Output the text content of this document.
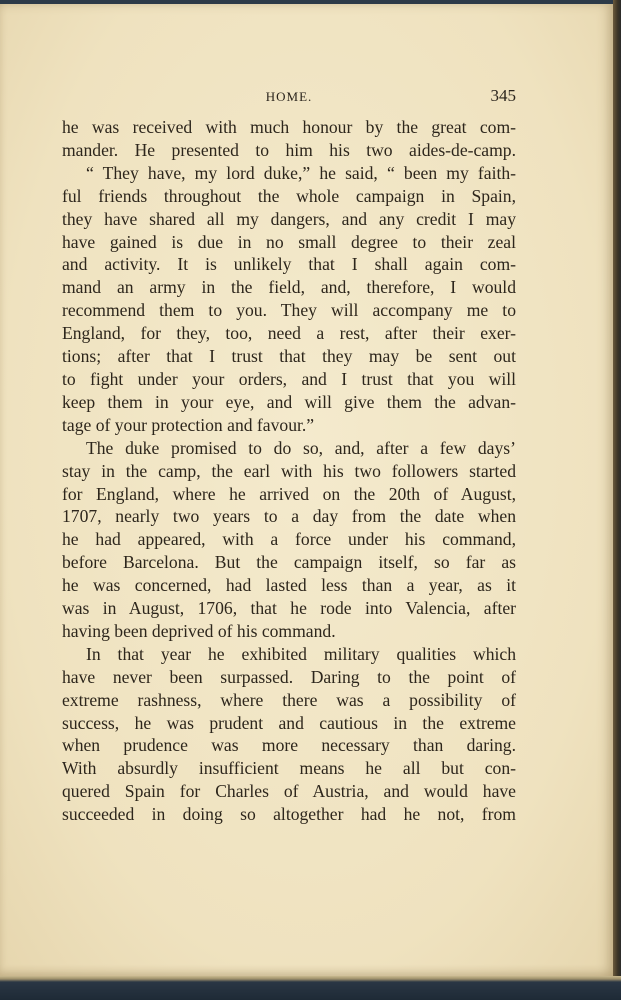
HOME.	345
he was received with much honour by the great com-
mander. He presented to him his two aides-de-camp.
“ They have, my lord duke,” he said, “ been my faith-
ful friends throughout the whole campaign in Spain,
they have shared all my dangers, and any credit I may
have gained is due in no small degree to their zeal
and activity. It is unlikely that I shall again com-
mand an army in the field, and, therefore, I would
recommend them to you. They will accompany me to
England, for they, too, need a rest, after their exer-
tions; after that I trust that they may be sent out
to fight under your orders, and I trust that you will
keep them in your eye, and will give them the advan-
tage of your protection and favour.”
The duke promised to do so, and, after a few days’
stay in the camp, the earl with his two followers started
for England, where he arrived on the 20th of August,
1707, nearly two years to a day from the date when
he had appeared, with a force under his command,
before Barcelona. But the campaign itself, so far as
he was concerned, had lasted less than a year, as it
was in August, 1706, that he rode into Valencia, after
having been deprived of his command.
In that year he exhibited military qualities which
have never been surpassed. Daring to the point of
extreme rashness, where there was a possibility of
success, he was prudent and cautious in the extreme
when prudence was more necessary than daring.
With absurdly insufficient means he all but con-
quered Spain for Charles of Austria, and would have
succeeded in doing so altogether had he not, from
